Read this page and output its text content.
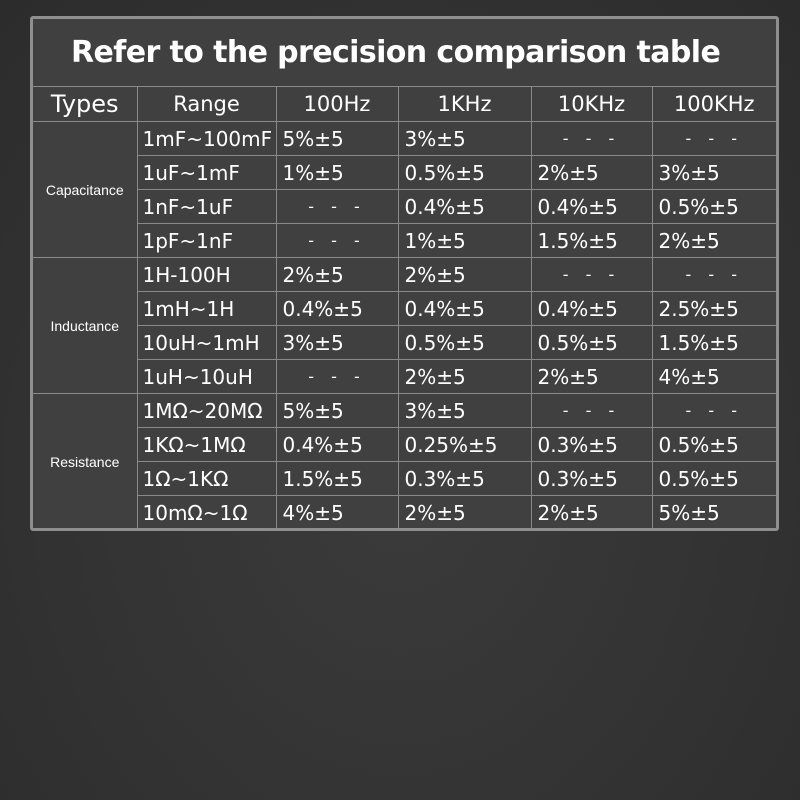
Refer to the precision comparison table
Types	Range	100Hz	1KHz	10KHz	100KHz
Capacitance	1mF~100mF	5%±5	3%±5	- - -	- - -
	1uF~1mF	1%±5	0.5%±5	2%±5	3%±5
	1nF~1uF	- - -	0.4%±5	0.4%±5	0.5%±5
	1pF~1nF	- - -	1%±5	1.5%±5	2%±5
Inductance	1H-100H	2%±5	2%±5	- - -	- - -
	1mH~1H	0.4%±5	0.4%±5	0.4%±5	2.5%±5
	10uH~1mH	3%±5	0.5%±5	0.5%±5	1.5%±5
	1uH~10uH	- - -	2%±5	2%±5	4%±5
Resistance	1MΩ~20MΩ	5%±5	3%±5	- - -	- - -
	1KΩ~1MΩ	0.4%±5	0.25%±5	0.3%±5	0.5%±5
	1Ω~1KΩ	1.5%±5	0.3%±5	0.3%±5	0.5%±5
	10mΩ~1Ω	4%±5	2%±5	2%±5	5%±5
